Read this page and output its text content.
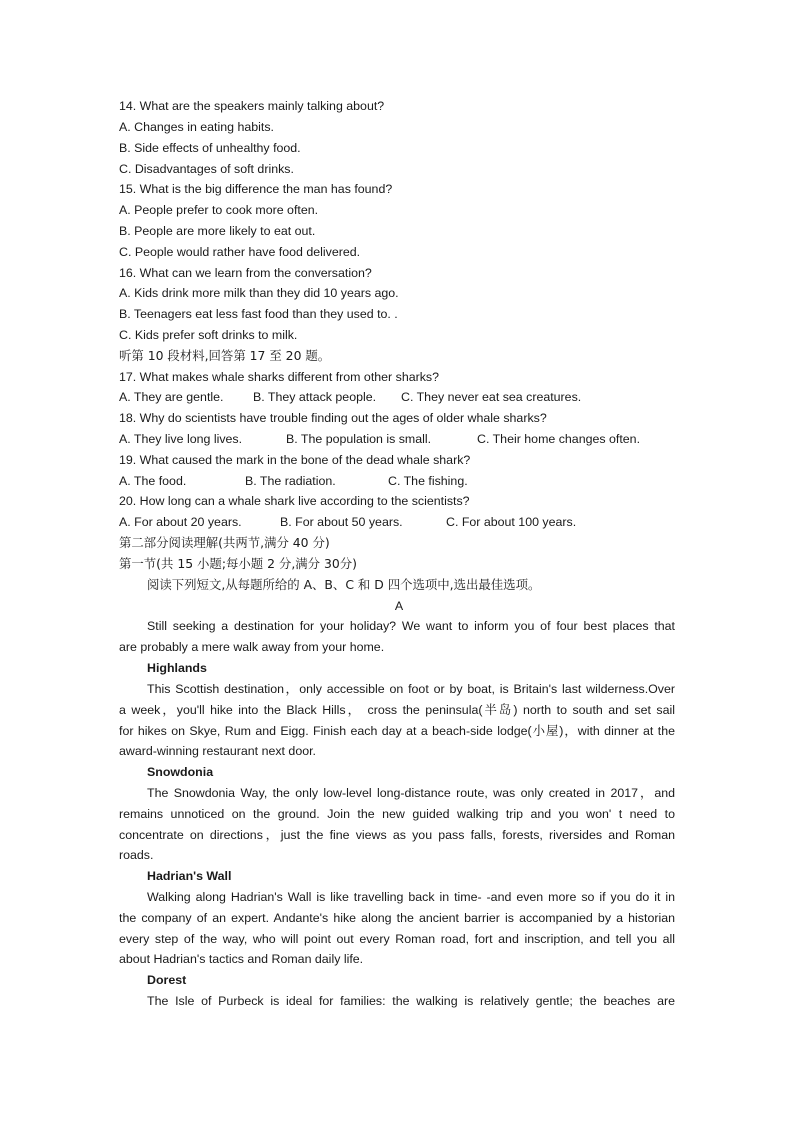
14. What are the speakers mainly talking about?
A. Changes in eating habits.
B. Side effects of unhealthy food.
C. Disadvantages of soft drinks.
15. What is the big difference the man has found?
A. People prefer to cook more often.
B. People are more likely to eat out.
C. People would rather have food delivered.
16. What can we learn from the conversation?
A. Kids drink more milk than they did 10 years ago.
B. Teenagers eat less fast food than they used to. .
C. Kids prefer soft drinks to milk.
听第 10 段材料,回答第 17 至 20 题。
17. What makes whale sharks different from other sharks?
A. They are gentle. B. They attack people. C. They never eat sea creatures.
18. Why do scientists have trouble finding out the ages of older whale sharks?
A. They live long lives.	B. The population is small.	C. Their home changes often.
19. What caused the mark in the bone of the dead whale shark?
A. The food.	B. The radiation.	C. The fishing.
20. How long can a whale shark live according to the scientists?
A. For about 20 years.	B. For about 50 years.	C. For about 100 years.
第二部分阅读理解(共两节,满分 40 分)
第一节(共 15 小题;每小题 2 分,满分 30分)
阅读下列短文,从每题所给的 A、B、C 和 D 四个选项中,选出最佳选项。
A
Still seeking a destination for your holiday? We want to inform you of four best places that
are probably a mere walk away from your home.
Highlands
This Scottish destination，only accessible on foot or by boat, is Britain's last wilderness.Over
a week，you'll hike into the Black Hills， cross the peninsula(半岛) north to south and set sail
for hikes on Skye, Rum and Eigg. Finish each day at a beach-side lodge(小屋)，with dinner at the
award-winning restaurant next door.
Snowdonia
The Snowdonia Way, the only low-level long-distance route, was only created in 2017，and
remains unnoticed on the ground. Join the new guided walking trip and you won' t need to
concentrate on directions，just the fine views as you pass falls, forests, riversides and Roman
roads.
Hadrian's Wall
Walking along Hadrian's Wall is like travelling back in time- -and even more so if you do it in
the company of an expert. Andante's hike along the ancient barrier is accompanied by a historian
every step of the way, who will point out every Roman road, fort and inscription, and tell you all
about Hadrian's tactics and Roman daily life.
Dorest
The Isle of Purbeck is ideal for families: the walking is relatively gentle; the beaches are
